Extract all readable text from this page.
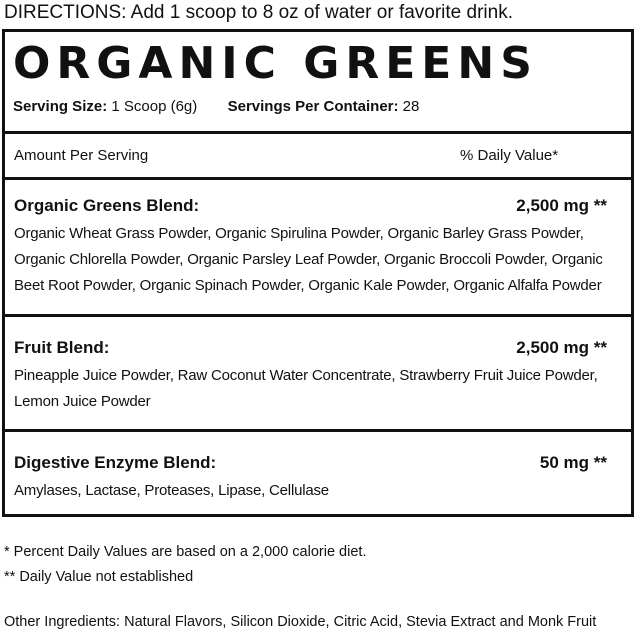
DIRECTIONS: Add 1 scoop to 8 oz of water or favorite drink.
ORGANIC GREENS
Serving Size: 1 Scoop (6g) Servings Per Container: 28
Amount Per Serving	% Daily Value*
Organic Greens Blend:	2,500 mg **
Organic Wheat Grass Powder, Organic Spirulina Powder, Organic Barley Grass Powder, Organic Chlorella Powder, Organic Parsley Leaf Powder, Organic Broccoli Powder, Organic Beet Root Powder, Organic Spinach Powder, Organic Kale Powder, Organic Alfalfa Powder
Fruit Blend:	2,500 mg **
Pineapple Juice Powder, Raw Coconut Water Concentrate, Strawberry Fruit Juice Powder, Lemon Juice Powder
Digestive Enzyme Blend:	50 mg **
Amylases, Lactase, Proteases, Lipase, Cellulase
* Percent Daily Values are based on a 2,000 calorie diet.
** Daily Value not established
Other Ingredients: Natural Flavors, Silicon Dioxide, Citric Acid, Stevia Extract and Monk Fruit
